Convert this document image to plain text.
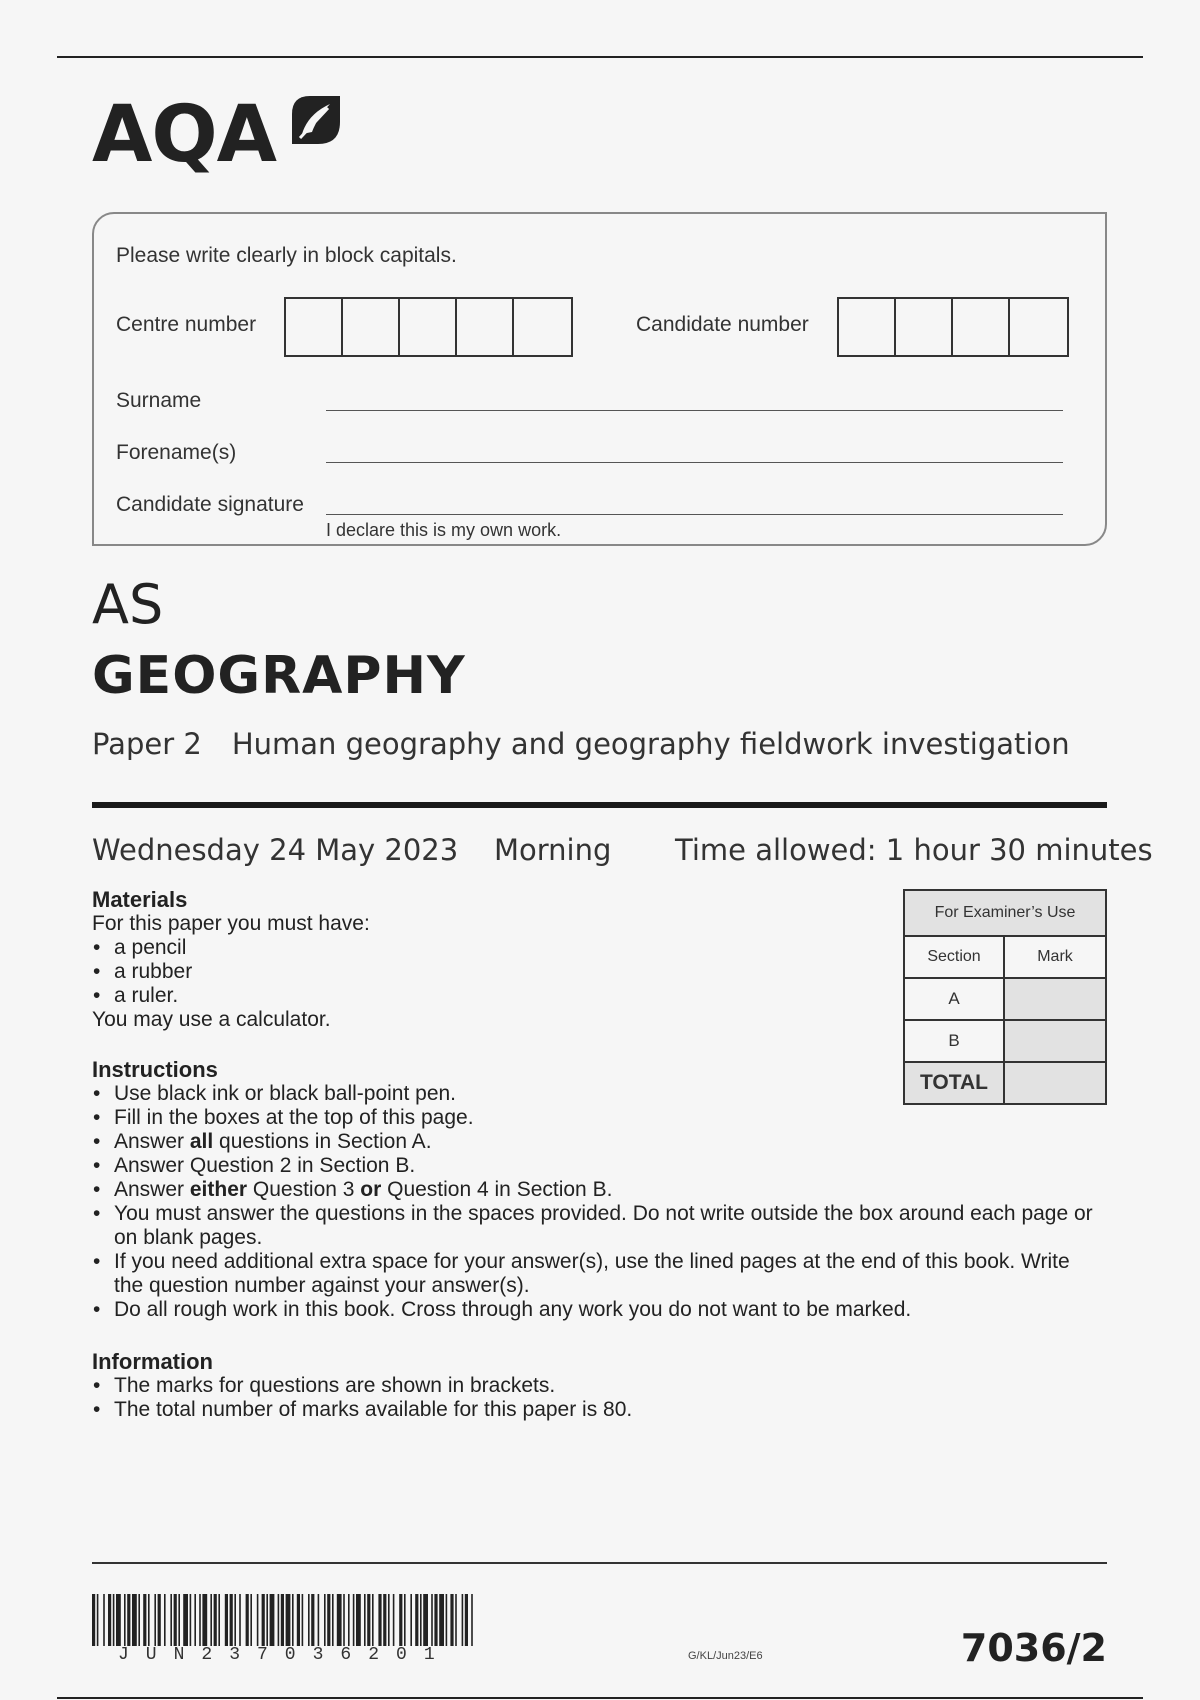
AQA
Please write clearly in block capitals.
Centre number	Candidate number
Surname
Forename(s)
Candidate signature
I declare this is my own work.
AS
GEOGRAPHY
Paper 2 Human geography and geography fieldwork investigation
Wednesday 24 May 2023 Morning Time allowed: 1 hour 30 minutes
Materials

For this paper you must have:

• a pencil
• a rubber
• a ruler.

You may use a calculator.

Instructions
• Use black ink or black ball-point pen.
• Fill in the boxes at the top of this page.
• Answer all questions in Section A.
• Answer Question 2 in Section B.
• Answer either Question 3 or Question 4 in Section B.
• You must answer the questions in the spaces provided. Do not write outside the box around each page or on blank pages.
• If you need additional extra space for your answer(s), use the lined pages at the end of this book. Write the question number against your answer(s).
• Do all rough work in this book. Cross through any work you do not want to be marked.
Information
• The marks for questions are shown in brackets.
• The total number of marks available for this paper is 80.
For Examiner’s Use	
Section	Mark
A	
B	
TOTAL	
JUN237036201	G/KL/Jun23/E6	7036/2
